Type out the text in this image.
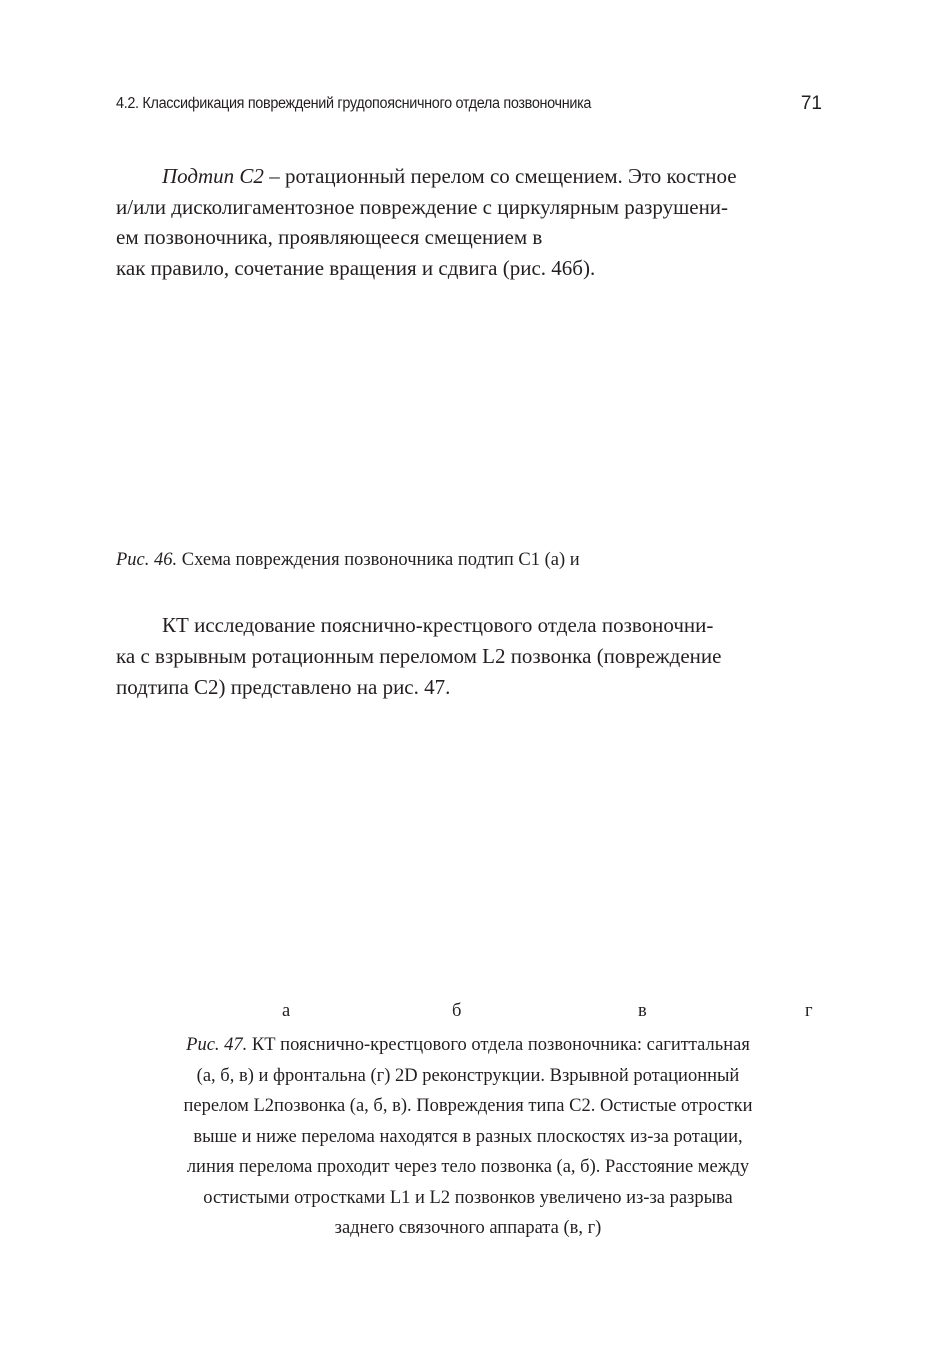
4.2. Классификация повреждений грудопоясничного отдела позвоночника	71
Подтип С2 – ротационный перелом со смещением. Это костное
и/или дисколигаментозное повреждение с циркулярным разрушени-
ем позвоночника, проявляющееся смещением в
как правило, сочетание вращения и сдвига (рис. 46б).
Рис. 46. Схема повреждения позвоночника подтип С1 (а) и
КТ исследование пояснично-крестцового отдела позвоночни-
ка с взрывным ротационным переломом L2 позвонка (повреждение
подтипа С2) представлено на рис. 47.
а	б	в	г
Рис. 47. КТ пояснично-крестцового отдела позвоночника: сагиттальная
(а, б, в) и фронтальна (г) 2D реконструкции. Взрывной ротационный
перелом L2позвонка (а, б, в). Повреждения типа С2. Остистые отростки
выше и ниже перелома находятся в разных плоскостях из-за ротации,
линия перелома проходит через тело позвонка (а, б). Расстояние между
остистыми отростками L1 и L2 позвонков увеличено из-за разрыва
заднего связочного аппарата (в, г)
